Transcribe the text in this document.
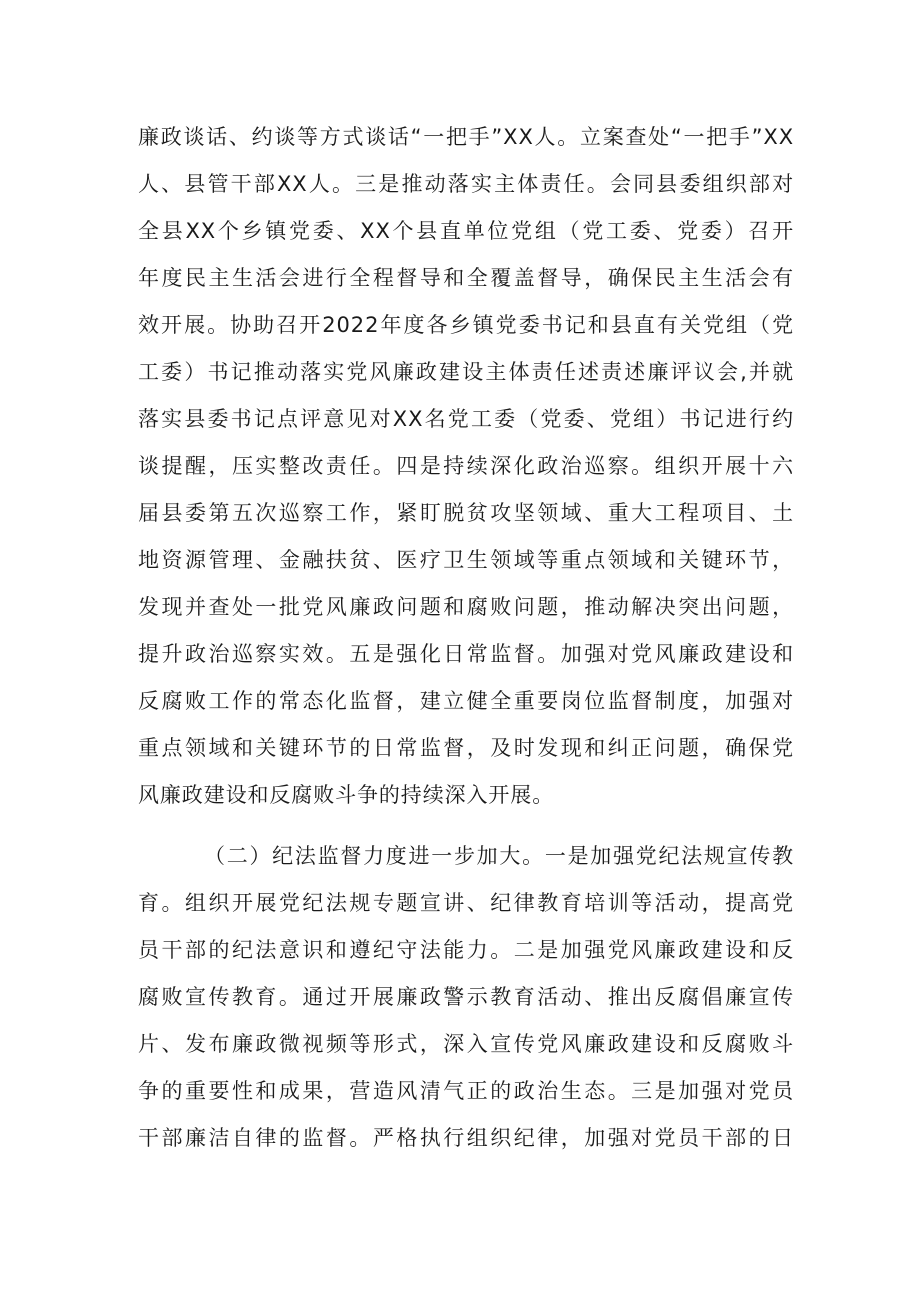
廉政谈话、约谈等方式谈话“一把手”XX人。立案查处“一把手”XX
人、县管干部XX人。三是推动落实主体责任。会同县委组织部对
全县XX个乡镇党委、XX个县直单位党组（党工委、党委）召开
年度民主生活会进行全程督导和全覆盖督导，确保民主生活会有
效开展。协助召开2022年度各乡镇党委书记和县直有关党组（党
工委）书记推动落实党风廉政建设主体责任述责述廉评议会,并就
落实县委书记点评意见对XX名党工委（党委、党组）书记进行约
谈提醒，压实整改责任。四是持续深化政治巡察。组织开展十六
届县委第五次巡察工作，紧盯脱贫攻坚领域、重大工程项目、土
地资源管理、金融扶贫、医疗卫生领域等重点领域和关键环节，
发现并查处一批党风廉政问题和腐败问题，推动解决突出问题，
提升政治巡察实效。五是强化日常监督。加强对党风廉政建设和
反腐败工作的常态化监督，建立健全重要岗位监督制度，加强对
重点领域和关键环节的日常监督，及时发现和纠正问题，确保党
风廉政建设和反腐败斗争的持续深入开展。
（二）纪法监督力度进一步加大。一是加强党纪法规宣传教
育。组织开展党纪法规专题宣讲、纪律教育培训等活动，提高党
员干部的纪法意识和遵纪守法能力。二是加强党风廉政建设和反
腐败宣传教育。通过开展廉政警示教育活动、推出反腐倡廉宣传
片、发布廉政微视频等形式，深入宣传党风廉政建设和反腐败斗
争的重要性和成果，营造风清气正的政治生态。三是加强对党员
干部廉洁自律的监督。严格执行组织纪律，加强对党员干部的日
